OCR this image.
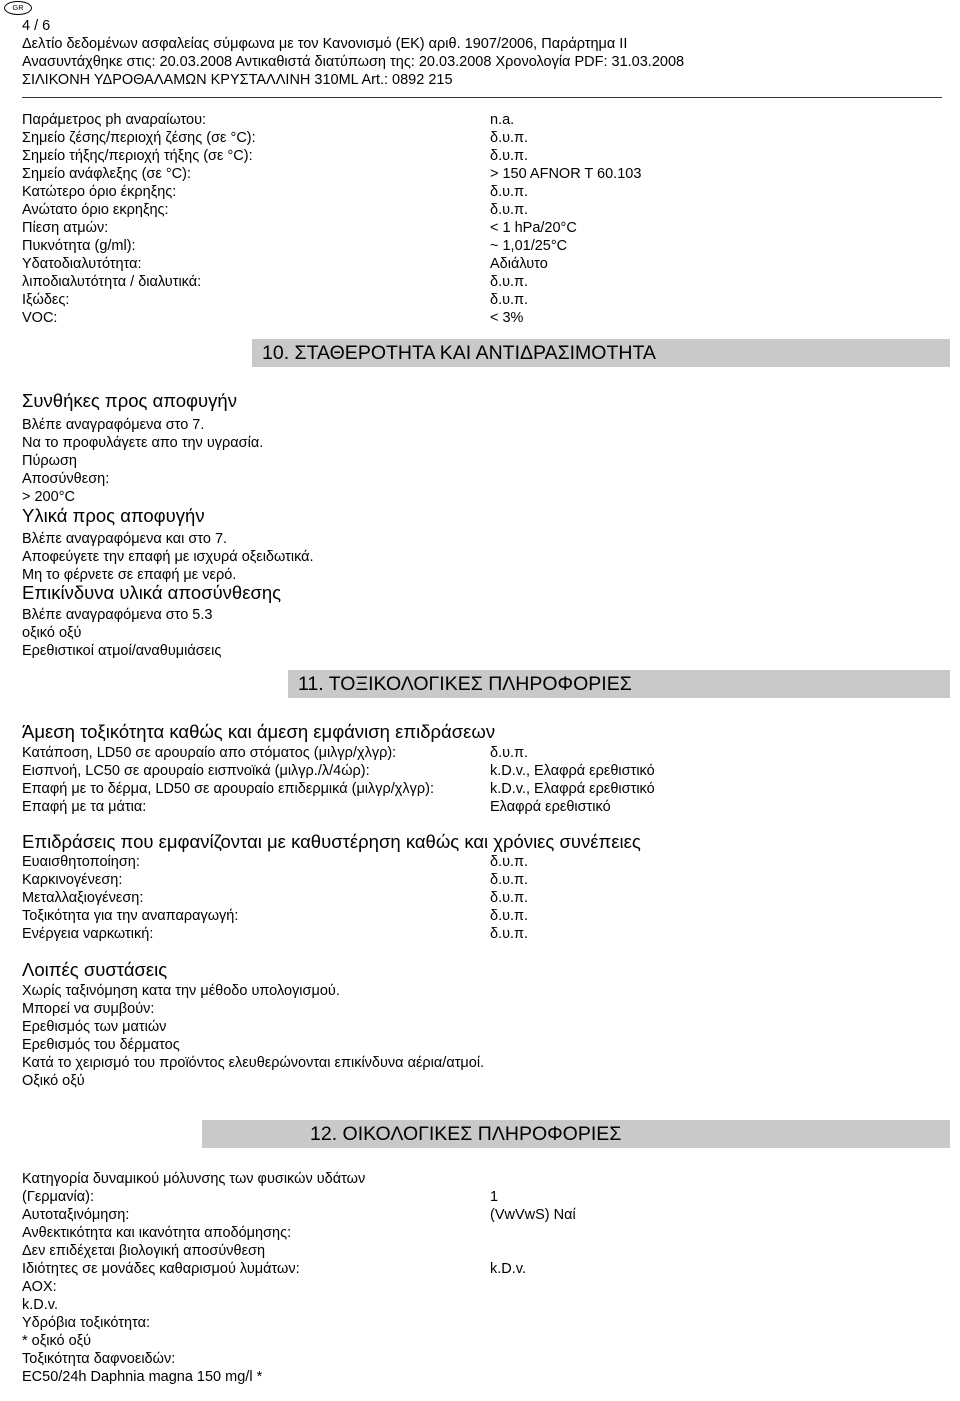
GR
4 / 6
Δελτίο δεδομένων ασφαλείας σύμφωνα με τον Κανονισμό (ΕΚ) αριθ. 1907/2006, Παράρτημα II
Ανασυντάχθηκε στις: 20.03.2008 Αντικαθιστά διατύπωση της: 20.03.2008 Χρονολογία PDF: 31.03.2008
ΣΙΛΙΚΟΝΗ ΥΔΡΟΘΑΛΑΜΩΝ ΚΡΥΣΤΑΛΛΙΝΗ 310ML Art.: 0892 215
Παράμετρος ph αναραίωτου:	n.a.
Σημείο ζέσης/περιοχή ζέσης (σε °C):	δ.υ.π.
Σημείο τήξης/περιοχή τήξης (σε °C):	δ.υ.π.
Σημείο ανάφλεξης (σε °C):	> 150 AFNOR T 60.103
Κατώτερο όριο έκρηξης:	δ.υ.π.
Ανώτατο όριο εκρηξης:	δ.υ.π.
Πίεση ατμών:	< 1 hPa/20°C
Πυκνότητα (g/ml):	~ 1,01/25°C
Υδατοδιαλυτότητα:	Αδιάλυτο
λιποδιαλυτότητα / διαλυτικά:	δ.υ.π.
Ιξώδες:	δ.υ.π.
VOC:	< 3%
10. ΣΤΑΘΕΡΟΤΗΤΑ ΚΑΙ ΑΝΤΙΔΡΑΣΙΜΟΤΗΤΑ
Συνθήκες προς αποφυγήν
Βλέπε αναγραφόμενα στο 7.
Να το προφυλάγετε απο την υγρασία.
Πύρωση
Αποσύνθεση:
> 200°C
Υλικά προς αποφυγήν
Βλέπε αναγραφόμενα και στο 7.
Αποφεύγετε την επαφή με ισχυρά οξειδωτικά.
Μη το φέρνετε σε επαφή με νερό.
Επικίνδυνα υλικά αποσύνθεσης
Βλέπε αναγραφόμενα στο 5.3
οξικό οξύ
Ερεθιστικοί ατμοί/αναθυμιάσεις
11. ΤΟΞΙΚΟΛΟΓΙΚΕΣ ΠΛΗΡΟΦΟΡΙΕΣ
Άμεση τοξικότητα καθώς και άμεση εμφάνιση επιδράσεων
Κατάποση, LD50 σε αρουραίο απο στόματος (μιλγρ/χλγρ):	δ.υ.π.
Εισπνοή, LC50 σε αρουραίο εισπνοϊκά (μιλγρ./λ/4ώρ):	k.D.v., Ελαφρά ερεθιστικό
Επαφή με το δέρμα, LD50 σε αρουραίο επιδερμικά (μιλγρ/χλγρ):	k.D.v., Ελαφρά ερεθιστικό
Επαφή με τα μάτια:	Ελαφρά ερεθιστικό
Επιδράσεις που εμφανίζονται με καθυστέρηση καθώς και χρόνιες συνέπειες
Ευαισθητοποίηση:	δ.υ.π.
Καρκινογένεση:	δ.υ.π.
Μεταλλαξιογένεση:	δ.υ.π.
Τοξικότητα για την αναπαραγωγή:	δ.υ.π.
Ενέργεια ναρκωτική:	δ.υ.π.
Λοιπές συστάσεις
Χωρίς ταξινόμηση κατα την μέθοδο υπολογισμού.
Μπορεί να συμβούν:
Ερεθισμός των ματιών
Ερεθισμός του δέρματος
Κατά το χειρισμό του προϊόντος ελευθερώνονται επικίνδυνα αέρια/ατμοί.
Οξικό οξύ
12. ΟΙΚΟΛΟΓΙΚΕΣ ΠΛΗΡΟΦΟΡΙΕΣ
Κατηγορία δυναμικού μόλυνσης των φυσικών υδάτων
(Γερμανία):	1
Αυτοταξινόμηση:	(VwVwS) Ναί
Ανθεκτικότητα και ικανότητα αποδόμησης:
Δεν επιδέχεται βιολογική αποσύνθεση
Ιδιότητες σε μονάδες καθαρισμού λυμάτων:	k.D.v.
AOX:
k.D.v.
Υδρόβια τοξικότητα:
* οξικό οξύ
Τοξικότητα δαφνοειδών:
EC50/24h Daphnia magna 150 mg/l *
